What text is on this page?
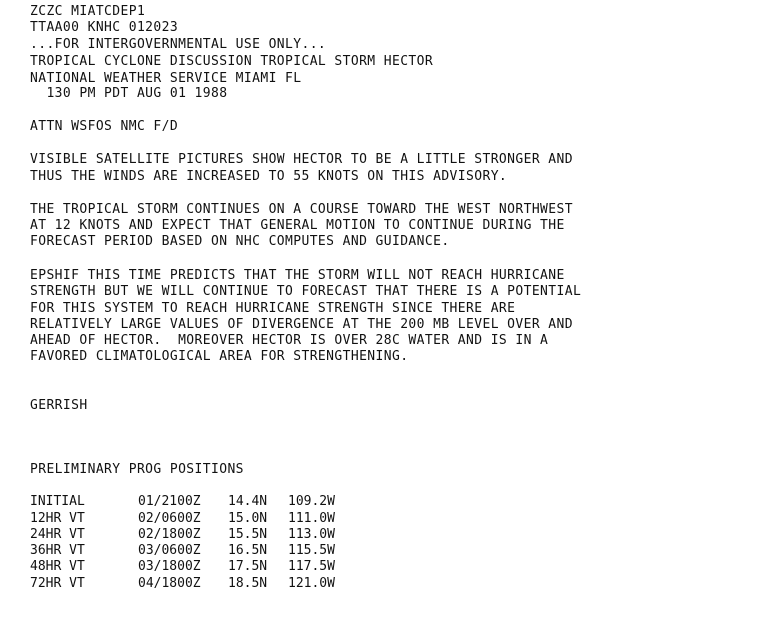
ZCZC MIATCDEP1
TTAA00 KNHC 012023
...FOR INTERGOVERNMENTAL USE ONLY...
TROPICAL CYCLONE DISCUSSION TROPICAL STORM HECTOR
NATIONAL WEATHER SERVICE MIAMI FL
130 PM PDT AUG 01 1988
ATTN WSFOS NMC F/D
VISIBLE SATELLITE PICTURES SHOW HECTOR TO BE A LITTLE STRONGER AND
THUS THE WINDS ARE INCREASED TO 55 KNOTS ON THIS ADVISORY.
THE TROPICAL STORM CONTINUES ON A COURSE TOWARD THE WEST NORTHWEST
AT 12 KNOTS AND EXPECT THAT GENERAL MOTION TO CONTINUE DURING THE
FORECAST PERIOD BASED ON NHC COMPUTES AND GUIDANCE.
EPSHIF THIS TIME PREDICTS THAT THE STORM WILL NOT REACH HURRICANE
STRENGTH BUT WE WILL CONTINUE TO FORECAST THAT THERE IS A POTENTIAL
FOR THIS SYSTEM TO REACH HURRICANE STRENGTH SINCE THERE ARE
RELATIVELY LARGE VALUES OF DIVERGENCE AT THE 200 MB LEVEL OVER AND
AHEAD OF HECTOR.  MOREOVER HECTOR IS OVER 28C WATER AND IS IN A
FAVORED CLIMATOLOGICAL AREA FOR STRENGTHENING.
GERRISH
PRELIMINARY PROG POSITIONS
INITIAL	01/2100Z 14.4N 109.2W
12HR VT	02/0600Z 15.0N 111.0W
24HR VT	02/1800Z 15.5N 113.0W
36HR VT	03/0600Z 16.5N 115.5W
48HR VT	03/1800Z 17.5N 117.5W
72HR VT	04/1800Z 18.5N 121.0W
